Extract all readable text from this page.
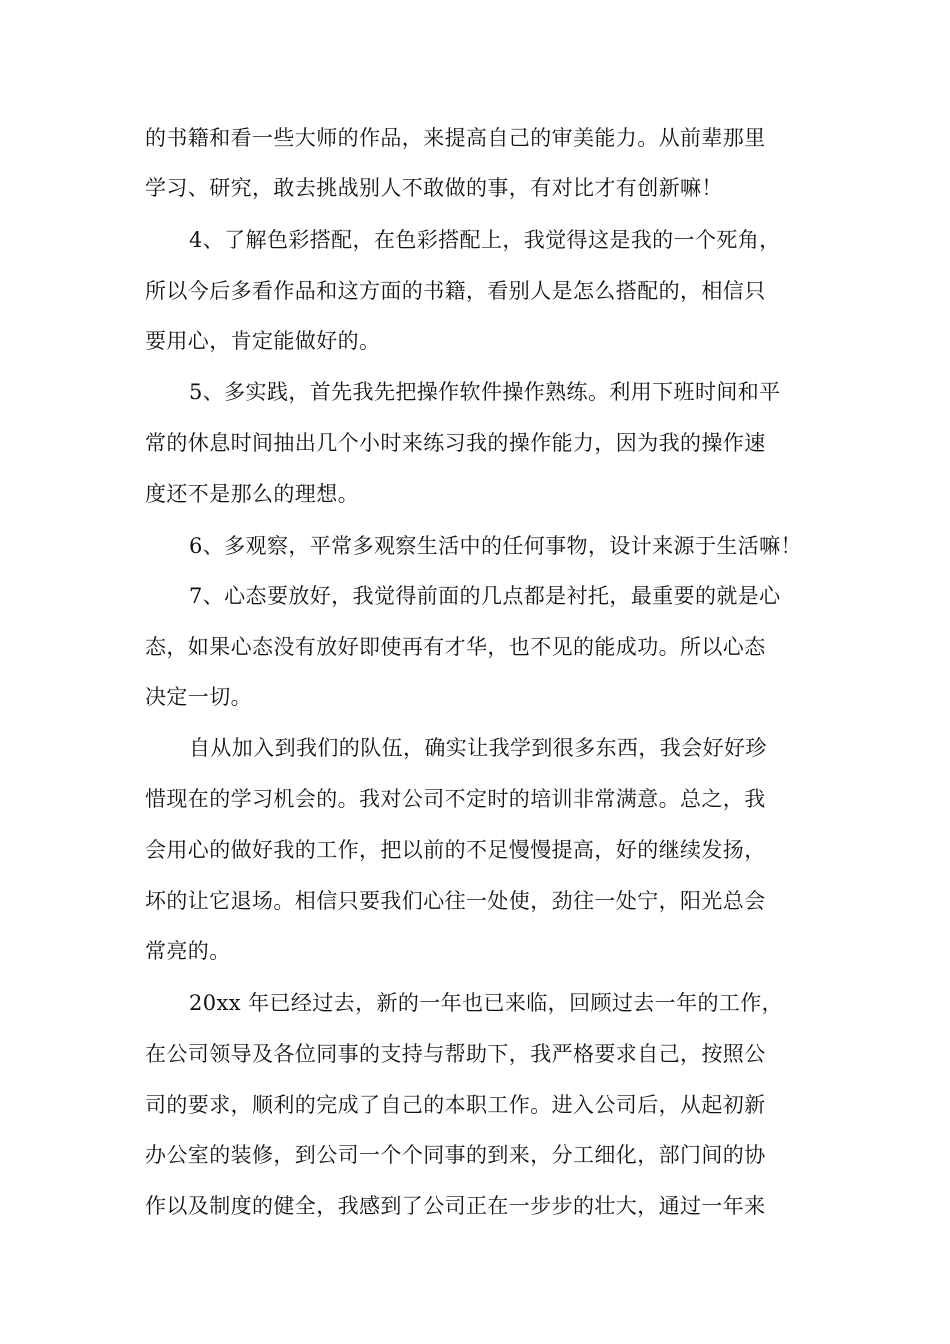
的书籍和看一些大师的作品，来提高自己的审美能力。从前辈那里
学习、研究，敢去挑战别人不敢做的事，有对比才有创新嘛！
4、了解色彩搭配，在色彩搭配上，我觉得这是我的一个死角，
所以今后多看作品和这方面的书籍，看别人是怎么搭配的，相信只
要用心，肯定能做好的。
5、多实践，首先我先把操作软件操作熟练。利用下班时间和平
常的休息时间抽出几个小时来练习我的操作能力，因为我的操作速
度还不是那么的理想。
6、多观察，平常多观察生活中的任何事物，设计来源于生活嘛！
7、心态要放好，我觉得前面的几点都是衬托，最重要的就是心
态，如果心态没有放好即使再有才华，也不见的能成功。所以心态
决定一切。
自从加入到我们的队伍，确实让我学到很多东西，我会好好珍
惜现在的学习机会的。我对公司不定时的培训非常满意。总之，我
会用心的做好我的工作，把以前的不足慢慢提高，好的继续发扬，
坏的让它退场。相信只要我们心往一处使，劲往一处宁，阳光总会
常亮的。
20xx 年已经过去，新的一年也已来临，回顾过去一年的工作，
在公司领导及各位同事的支持与帮助下，我严格要求自己，按照公
司的要求，顺利的完成了自己的本职工作。进入公司后，从起初新
办公室的装修，到公司一个个同事的到来，分工细化，部门间的协
作以及制度的健全，我感到了公司正在一步步的壮大，通过一年来
